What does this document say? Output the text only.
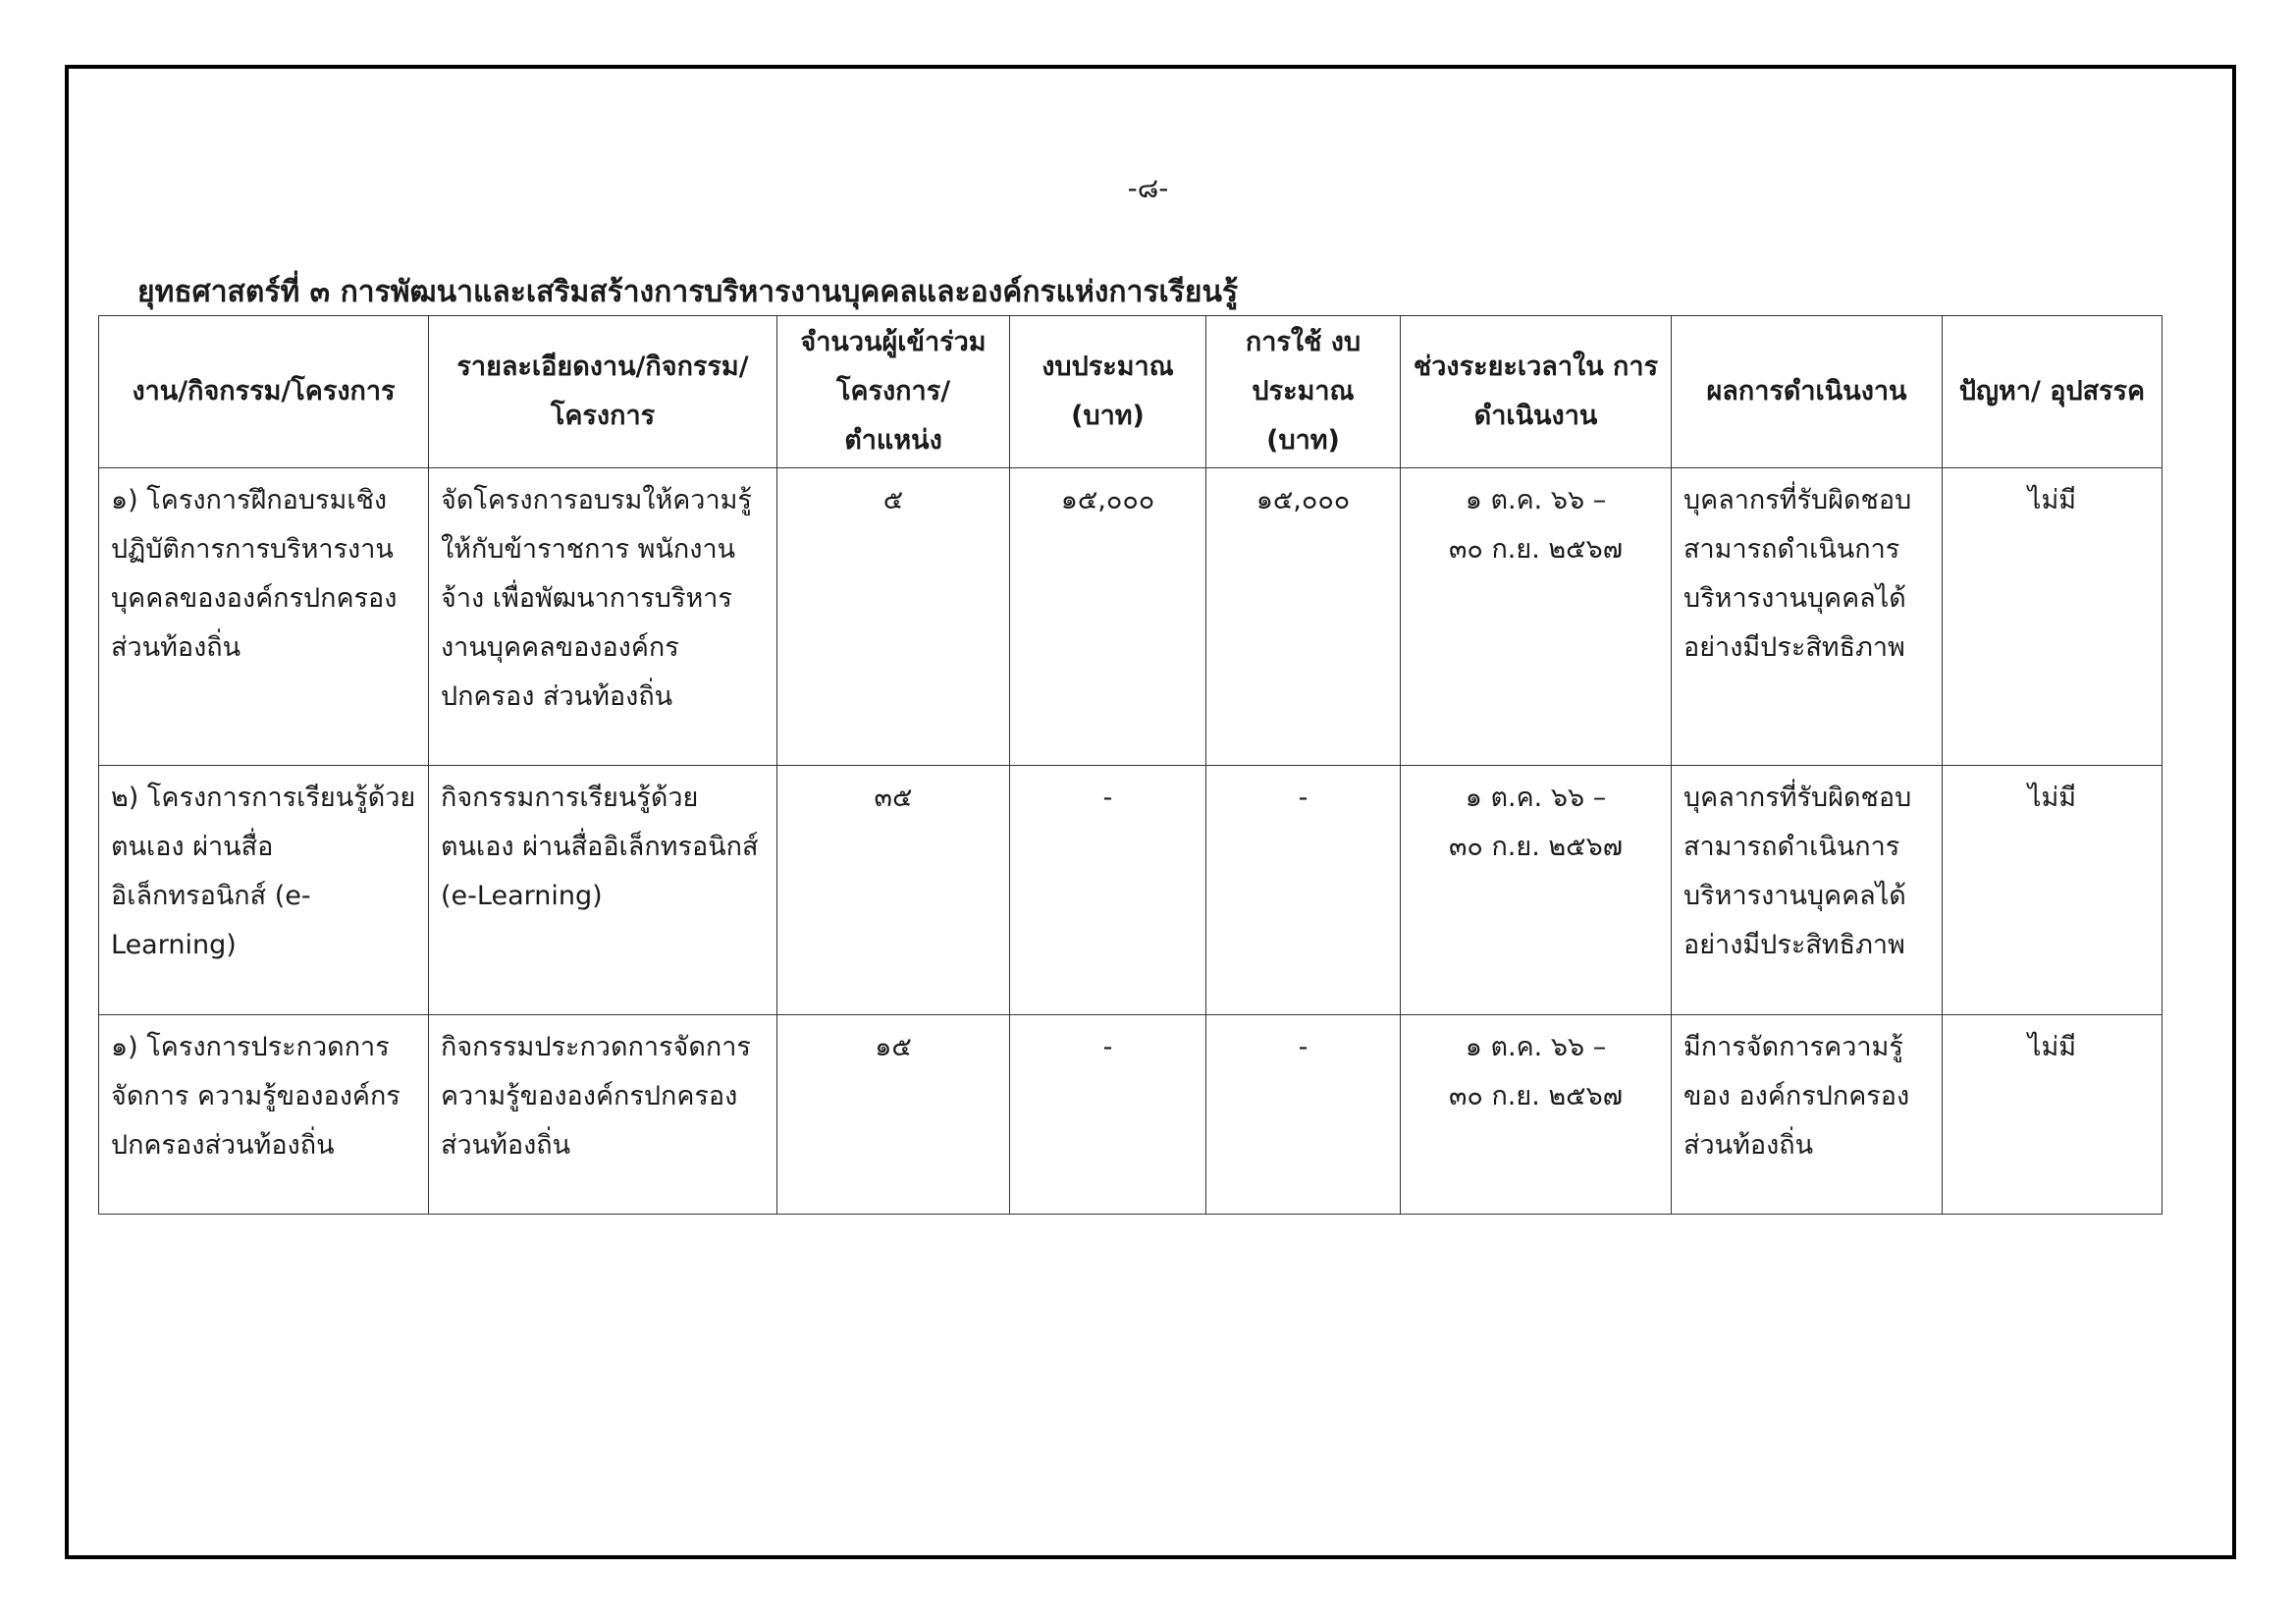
-๘-
ยุทธศาสตร์ที่ ๓ การพัฒนาและเสริมสร้างการบริหารงานบุคคลและองค์กรแห่งการเรียนรู้
งาน/กิจกรรม/โครงการ	รายละเอียดงาน/กิจกรรม/ โครงการ	จำนวนผู้เข้าร่วม โครงการ/ ตำแหน่ง	งบประมาณ (บาท)	การใช้ งบประมาณ (บาท)	ช่วงระยะเวลาใน การดำเนินงาน	ผลการดำเนินงาน	ปัญหา/ อุปสรรค
๑) โครงการฝึกอบรมเชิงปฏิบัติการการบริหารงานบุคคลขององค์กรปกครองส่วนท้องถิ่น	จัดโครงการอบรมให้ความรู้ให้กับข้าราชการ พนักงานจ้าง เพื่อพัฒนาการบริหารงานบุคคลขององค์กรปกครอง ส่วนท้องถิ่น	๕	๑๕,๐๐๐	๑๕,๐๐๐	๑ ต.ค. ๖๖ –
๓๐ ก.ย. ๒๕๖๗	บุคลากรที่รับผิดชอบสามารถดำเนินการบริหารงานบุคคลได้อย่างมีประสิทธิภาพ	ไม่มี
๒) โครงการการเรียนรู้ด้วยตนเอง ผ่านสื่ออิเล็กทรอนิกส์ (e-Learning)	กิจกรรมการเรียนรู้ด้วยตนเอง ผ่านสื่ออิเล็กทรอนิกส์ (e-Learning)	๓๕	-	-	๑ ต.ค. ๖๖ –
๓๐ ก.ย. ๒๕๖๗	บุคลากรที่รับผิดชอบสามารถดำเนินการบริหารงานบุคคลได้อย่างมีประสิทธิภาพ	ไม่มี
๑) โครงการประกวดการจัดการ ความรู้ขององค์กรปกครองส่วนท้องถิ่น	กิจกรรมประกวดการจัดการความรู้ขององค์กรปกครองส่วนท้องถิ่น	๑๕	-	-	๑ ต.ค. ๖๖ –
๓๐ ก.ย. ๒๕๖๗	มีการจัดการความรู้ของ องค์กรปกครองส่วนท้องถิ่น	ไม่มี
